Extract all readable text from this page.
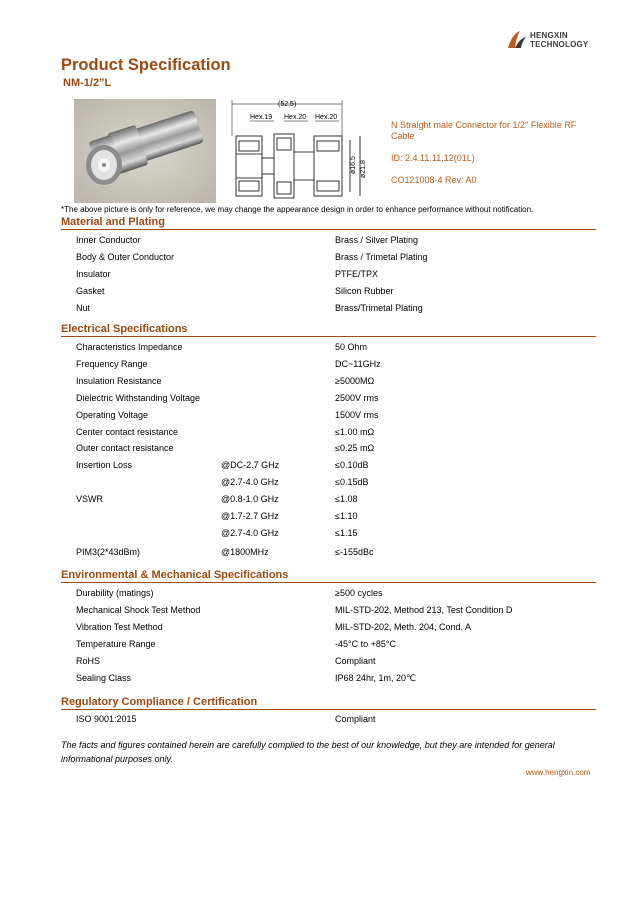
HENGXIN
TECHNOLOGY
Product Specification
NM-1/2”L
(52.5)
Hex.19 Hex.20 Hex.20
ø16.5 ø21.8
N Straight male Connector for 1/2" Flexible RF Cable
ID: 2.4.11.11.12(01L)
CO121008-4 Rev: A0
*The above picture is only for reference, we may change the appearance design in order to enhance performance without notification.
Material and Plating
Inner Conductor	Brass / Silver Plating
Body & Outer Conductor	Brass / Trimetal Plating
Insulator	PTFE/TPX
Gasket	Silicon Rubber
Nut	Brass/Trimetal Plating
Electrical Specifications
Characteristics Impedance	50 Ohm
Frequency Range	DC~11GHz
Insulation Resistance	≥5000MΩ
Dielectric Withstanding Voltage	2500V rms
Operating Voltage	1500V rms
Center contact resistance	≤1.00 mΩ
Outer contact resistance	≤0.25 mΩ
Insertion Loss	@DC-2.7 GHz	≤0.10dB
@2.7-4.0 GHz	≤0.15dB
VSWR	@0.8-1.0 GHz	≤1.08
@1.7-2.7 GHz	≤1.10
@2.7-4.0 GHz	≤1.15
PIM3(2*43dBm)	@1800MHz	≤-155dBc
Environmental & Mechanical Specifications
Durability (matings)	≥500 cycles
Mechanical Shock Test Method	MIL-STD-202, Method 213, Test Condition D
Vibration Test Method	MIL-STD-202, Meth. 204, Cond. A
Temperature Range	-45°C to +85°C
RoHS	Compliant
Sealing Class	IP68 24hr, 1m, 20℃
Regulatory Compliance / Certification
ISO 9001:2015	Compliant
The facts and figures contained herein are carefully complied to the best of our knowledge, but they are intended for general informational purposes only.
www.hengxin.com
